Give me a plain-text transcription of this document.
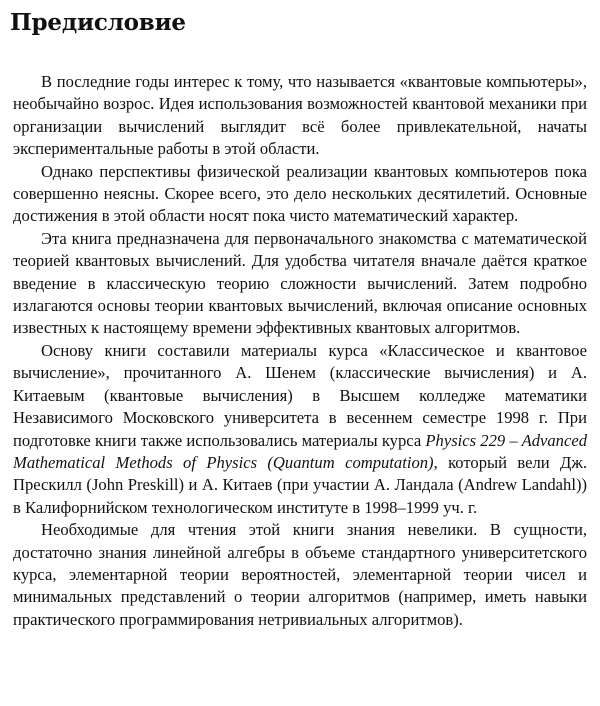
Предисловие

В последние годы интерес к тому, что называется «квантовые компьютеры», необычайно возрос. Идея использования возможностей квантовой механики при организации вычислений выглядит всё более привлекательной, начаты экспериментальные работы в этой области.

Однако перспективы физической реализации квантовых компьютеров пока совершенно неясны. Скорее всего, это дело нескольких десятилетий. Основные достижения в этой области носят пока чисто математический характер.

Эта книга предназначена для первоначального знакомства с математической теорией квантовых вычислений. Для удобства читателя вначале даётся краткое введение в классическую теорию сложности вычислений. Затем подробно излагаются основы теории квантовых вычислений, включая описание основных известных к настоящему времени эффективных квантовых алгоритмов.

Основу книги составили материалы курса «Классическое и квантовое вычисление», прочитанного А. Шенем (классические вычисления) и А. Китаевым (квантовые вычисления) в Высшем колледже математики Независимого Московского университета в весеннем семестре 1998 г. При подготовке книги также использовались материалы курса Physics 229 – Advanced Mathematical Methods of Physics (Quantum computation), который вели Дж. Прескилл (John Preskill) и А. Китаев (при участии А. Ландала (Andrew Landahl)) в Калифорнийском технологическом институте в 1998–1999 уч. г.

Необходимые для чтения этой книги знания невелики. В сущности, достаточно знания линейной алгебры в объеме стандартного университетского курса, элементарной теории вероятностей, элементарной теории чисел и минимальных представлений о теории алгоритмов (например, иметь навыки практического программирования нетривиальных алгоритмов).
